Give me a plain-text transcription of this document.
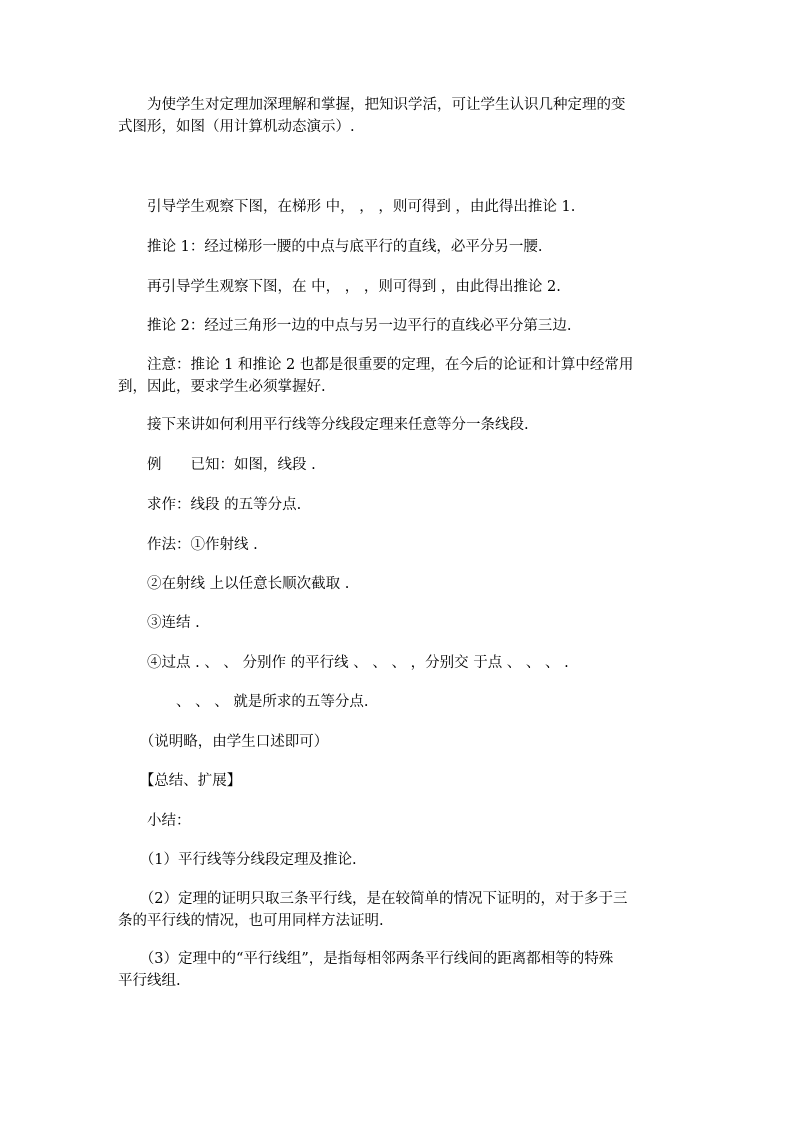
　　为使学生对定理加深理解和掌握，把知识学活，可让学生认识几种定理的变
式图形，如图（用计算机动态演示）.
　　引导学生观察下图，在梯形 中， ， ，则可得到 ，由此得出推论 1.
　　推论 1：经过梯形一腰的中点与底平行的直线，必平分另一腰.
　　再引导学生观察下图，在 中， ， ，则可得到 ，由此得出推论 2.
　　推论 2：经过三角形一边的中点与另一边平行的直线必平分第三边.
　　注意：推论 1 和推论 2 也都是很重要的定理，在今后的论证和计算中经常用
到，因此，要求学生必须掌握好.
　　接下来讲如何利用平行线等分线段定理来任意等分一条线段.
　　例　　已知：如图，线段 .
　　求作：线段 的五等分点.
　　作法：①作射线 .
　　②在射线 上以任意长顺次截取 .
　　③连结 .
　　④过点 . 、 、 分别作 的平行线 、 、 、 ，分别交 于点 、 、 、 .
　　　　、 、 、 就是所求的五等分点.
　　（说明略，由学生口述即可）
　　【总结、扩展】
　　小结：
　　（1）平行线等分线段定理及推论.
　　（2）定理的证明只取三条平行线，是在较简单的情况下证明的，对于多于三
条的平行线的情况，也可用同样方法证明.
　　（3）定理中的“平行线组”，是指每相邻两条平行线间的距离都相等的特殊
平行线组.
